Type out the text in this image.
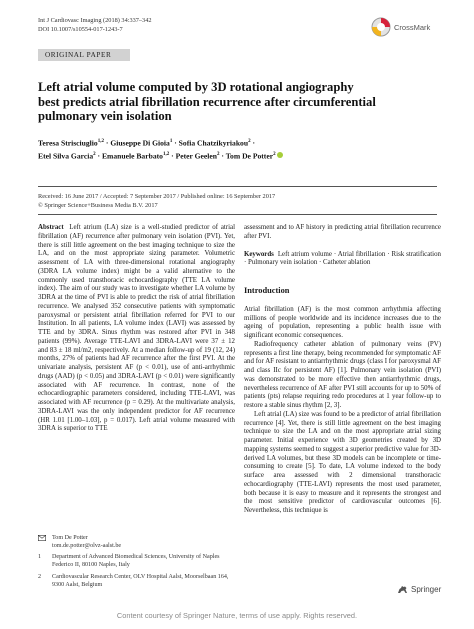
Int J Cardiovasc Imaging (2018) 34:337–342
DOI 10.1007/s10554-017-1243-7	CrossMark
ORIGINAL PAPER
Left atrial volume computed by 3D rotational angiography
best predicts atrial fibrillation recurrence after circumferential
pulmonary vein isolation
Teresa Strisciuglio$^{1,2}$ · Giuseppe Di Gioia$^1$ · Sofia Chatzikyriakou$^2$ ·
Etel Silva Garcia$^2$ · Emanuele Barbato$^{1,2}$ · Peter Geelen$^2$ · Tom De Potter$^2$
Received: 16 June 2017 / Accepted: 7 September 2017 / Published online: 16 September 2017
© Springer Science+Business Media B.V. 2017

Abstract Left atrium (LA) size is a well-studied predictor of atrial fibrillation (AF) recurrence after pulmonary vein isolation (PVI). Yet, there is still little agreement on the best imaging technique to size the LA, and on the most appropriate sizing parameter. Volumetric assessment of LA with three-dimensional rotational angiography (3DRA LA volume index) might be a valid alternative to the commonly used transthoracic echocardiography (TTE LA volume index). The aim of our study was to investigate whether LA volume by 3DRA at the time of PVI is able to predict the risk of atrial fibrillation recurrence. We analysed 352 consecutive patients with symptomatic paroxysmal or persistent atrial fibrillation referred for PVI to our Institution. In all patients, LA volume index (LAVI) was assessed by TTE and by 3DRA. Sinus rhythm was restored after PVI in 348 patients (99%). Average TTE-LAVI and 3DRA-LAVI were 37 ± 12 and 83 ± 18 ml/m2, respectively. At a median follow-up of 19 (12, 24) months, 27% of patients had AF recurrence after the first PVI. At the univariate analysis, persistent AF (p < 0.01), use of anti-arrhythmic drugs (AAD) (p < 0.05) and 3DRA-LAVI (p < 0.01) were significantly associated with AF recurrence. In contrast, none of the echocardiographic parameters considered, including TTE-LAVI, was associated with AF recurrence (p = 0.29). At the multivariate analysis, 3DRA-LAVI was the only independent predictor for AF recurrence (HR 1.01 [1.00–1.03], p = 0.017). Left atrial volume measured with 3DRA is superior to TTE

Tom De Potter
tom.de.potter@olvz-aalst.be
1	Department of Advanced Biomedical Sciences, University of Naples Federico II, 80100 Naples, Italy
2	Cardiovascular Research Center, OLV Hospital Aalst, Moorselbaan 164, 9300 Aalst, Belgium

assessment and to AF history in predicting atrial fibrillation recurrence after PVI.

Keywords Left atrium volume · Atrial fibrillation · Risk stratification · Pulmonary vein isolation · Catheter ablation

Introduction

Atrial fibrillation (AF) is the most common arrhythmia affecting millions of people worldwide and its incidence increases due to the ageing of population, representing a public health issue with significant economic consequences.

Radiofrequency catheter ablation of pulmonary veins (PV) represents a first line therapy, being recommended for symptomatic AF and for AF resistant to antiarrhythmic drugs (class I for paroxysmal AF and class IIc for persistent AF) [1]. Pulmonary vein isolation (PVI) was demonstrated to be more effective then antiarrhythmic drugs, nevertheless recurrence of AF after PVI still accounts for up to 50% of patients (pts) relapse requiring redo procedures at 1 year follow-up to restore a stable sinus rhythm [2, 3].

Left atrial (LA) size was found to be a predictor of atrial fibrillation recurrence [4]. Yet, there is still little agreement on the best imaging technique to size the LA and on the most appropriate atrial sizing parameter. Initial experience with 3D geometries created by 3D mapping systems seemed to suggest a superior predictive value for 3D-derived LA volumes, but these 3D models can be incomplete or time-consuming to create [5]. To date, LA volume indexed to the body surface area assessed with 2 dimensional transthoracic echocardiography (TTE-LAVI) represents the most used parameter, both because it is easy to measure and it represents the strongest and the most sensitive predictor of cardiovascular outcomes [6]. Nevertheless, this technique is

Springer
Content courtesy of Springer Nature, terms of use apply. Rights reserved.
